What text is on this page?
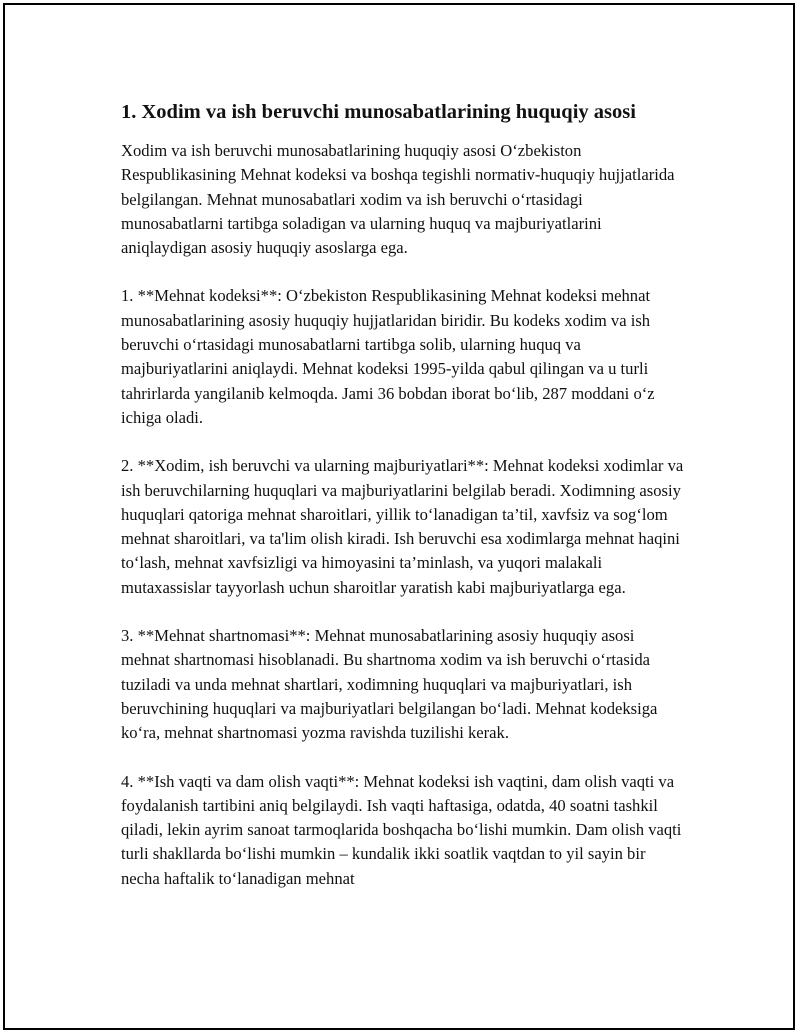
1. Xodim va ish beruvchi munosabatlarining huquqiy asosi

Xodim va ish beruvchi munosabatlarining huquqiy asosi O‘zbekiston Respublikasining Mehnat kodeksi va boshqa tegishli normativ-huquqiy hujjatlarida belgilangan. Mehnat munosabatlari xodim va ish beruvchi o‘rtasidagi munosabatlarni tartibga soladigan va ularning huquq va majburiyatlarini aniqlaydigan asosiy huquqiy asoslarga ega.

1. **Mehnat kodeksi**: O‘zbekiston Respublikasining Mehnat kodeksi mehnat munosabatlarining asosiy huquqiy hujjatlaridan biridir. Bu kodeks xodim va ish beruvchi o‘rtasidagi munosabatlarni tartibga solib, ularning huquq va majburiyatlarini aniqlaydi. Mehnat kodeksi 1995-yilda qabul qilingan va u turli tahrirlarda yangilanib kelmoqda. Jami 36 bobdan iborat bo‘lib, 287 moddani o‘z ichiga oladi.

2. **Xodim, ish beruvchi va ularning majburiyatlari**: Mehnat kodeksi xodimlar va ish beruvchilarning huquqlari va majburiyatlarini belgilab beradi. Xodimning asosiy huquqlari qatoriga mehnat sharoitlari, yillik to‘lanadigan ta’til, xavfsiz va sog‘lom mehnat sharoitlari, va ta'lim olish kiradi. Ish beruvchi esa xodimlarga mehnat haqini to‘lash, mehnat xavfsizligi va himoyasini ta’minlash, va yuqori malakali mutaxassislar tayyorlash uchun sharoitlar yaratish kabi majburiyatlarga ega.

3. **Mehnat shartnomasi**: Mehnat munosabatlarining asosiy huquqiy asosi mehnat shartnomasi hisoblanadi. Bu shartnoma xodim va ish beruvchi o‘rtasida tuziladi va unda mehnat shartlari, xodimning huquqlari va majburiyatlari, ish beruvchining huquqlari va majburiyatlari belgilangan bo‘ladi. Mehnat kodeksiga ko‘ra, mehnat shartnomasi yozma ravishda tuzilishi kerak.

4. **Ish vaqti va dam olish vaqti**: Mehnat kodeksi ish vaqtini, dam olish vaqti va foydalanish tartibini aniq belgilaydi. Ish vaqti haftasiga, odatda, 40 soatni tashkil qiladi, lekin ayrim sanoat tarmoqlarida boshqacha bo‘lishi mumkin. Dam olish vaqti turli shakllarda bo‘lishi mumkin – kundalik ikki soatlik vaqtdan to yil sayin bir necha haftalik to‘lanadigan mehnat
